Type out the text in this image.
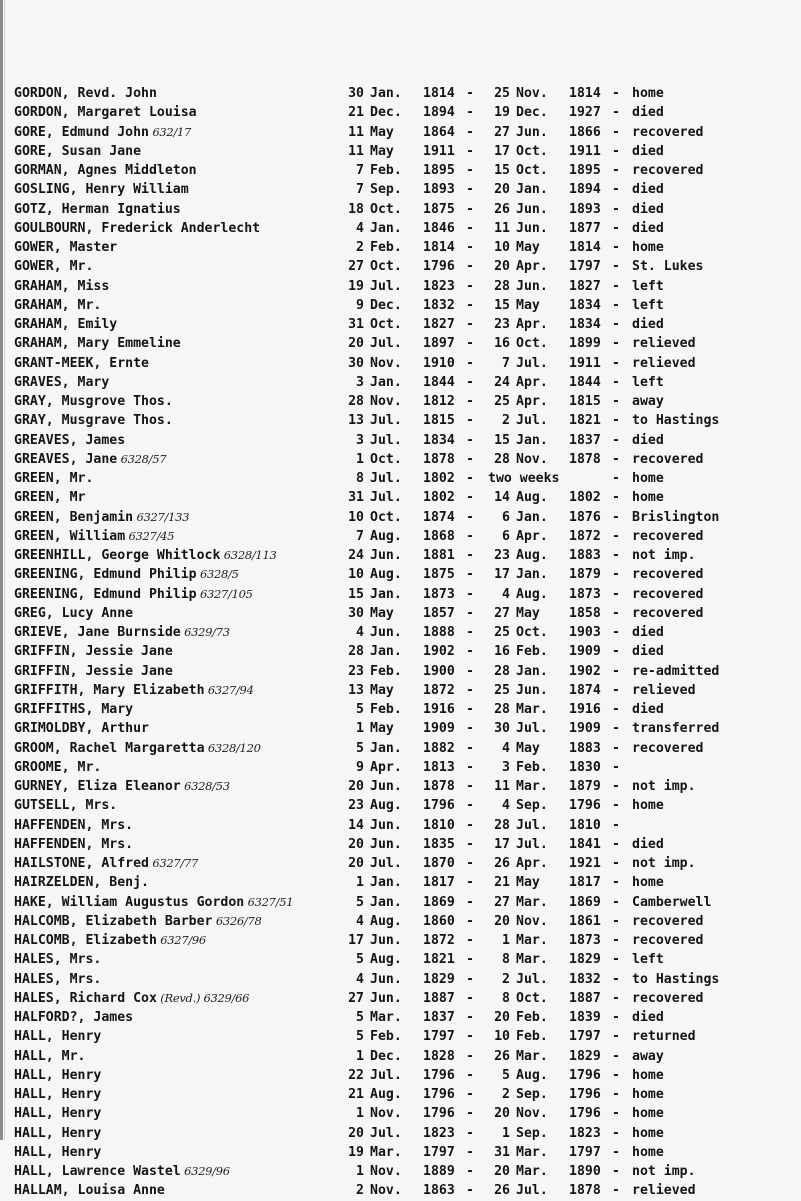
GORDON, Revd. John	30 Jan. 1814 -	25 Nov. 1814 - home
GORDON, Margaret Louisa	21 Dec. 1894 -	19 Dec. 1927 - died
GORE, Edmund John 632/17	11 May 1864 -	27 Jun. 1866 - recovered
GORE, Susan Jane	11 May 1911 -	17 Oct. 1911 - died
GORMAN, Agnes Middleton	7 Feb. 1895 -	15 Oct. 1895 - recovered
GOSLING, Henry William	7 Sep. 1893 -	20 Jan. 1894 - died
GOTZ, Herman Ignatius	18 Oct. 1875 -	26 Jun. 1893 - died
GOULBOURN, Frederick Anderlecht	4 Jan. 1846 -	11 Jun. 1877 - died
GOWER, Master	2 Feb. 1814 -	10 May 1814 - home
GOWER, Mr.	27 Oct. 1796 -	20 Apr. 1797 - St. Lukes
GRAHAM, Miss	19 Jul. 1823 -	28 Jun. 1827 - left
GRAHAM, Mr.	9 Dec. 1832 -	15 May 1834 - left
GRAHAM, Emily	31 Oct. 1827 -	23 Apr. 1834 - died
GRAHAM, Mary Emmeline	20 Jul. 1897 -	16 Oct. 1899 - relieved
GRANT-MEEK, Ernte	30 Nov. 1910 -	7 Jul. 1911 - relieved
GRAVES, Mary	3 Jan. 1844 -	24 Apr. 1844 - left
GRAY, Musgrove Thos.	28 Nov. 1812 -	25 Apr. 1815 - away
GRAY, Musgrave Thos.	13 Jul. 1815 -	2 Jul. 1821 - to Hastings
GREAVES, James	3 Jul. 1834 -	15 Jan. 1837 - died
GREAVES, Jane 6328/57	1 Oct. 1878 -	28 Nov. 1878 - recovered
GREEN, Mr.	8 Jul. 1802 - two weeks	- home
GREEN, Mr	31 Jul. 1802 -	14 Aug. 1802 - home
GREEN, Benjamin 6327/133	10 Oct. 1874 -	6 Jan. 1876 - Brislington
GREEN, William 6327/45	7 Aug. 1868 -	6 Apr. 1872 - recovered
GREENHILL, George Whitlock 6328/113	24 Jun. 1881 -	23 Aug. 1883 - not imp.
GREENING, Edmund Philip 6328/5	10 Aug. 1875 -	17 Jan. 1879 - recovered
GREENING, Edmund Philip 6327/105	15 Jan. 1873 -	4 Aug. 1873 - recovered
GREG, Lucy Anne	30 May 1857 -	27 May 1858 - recovered
GRIEVE, Jane Burnside 6329/73	4 Jun. 1888 -	25 Oct. 1903 - died
GRIFFIN, Jessie Jane	28 Jan. 1902 -	16 Feb. 1909 - died
GRIFFIN, Jessie Jane	23 Feb. 1900 -	28 Jan. 1902 - re-admitted
GRIFFITH, Mary Elizabeth 6327/94	13 May 1872 -	25 Jun. 1874 - relieved
GRIFFITHS, Mary	5 Feb. 1916 -	28 Mar. 1916 - died
GRIMOLDBY, Arthur	1 May 1909 -	30 Jul. 1909 - transferred
GROOM, Rachel Margaretta 6328/120	5 Jan. 1882 -	4 May 1883 - recovered
GROOME, Mr.	9 Apr. 1813 -	3 Feb. 1830 -
GURNEY, Eliza Eleanor 6328/53	20 Jun. 1878 -	11 Mar. 1879 - not imp.
GUTSELL, Mrs.	23 Aug. 1796 -	4 Sep. 1796 - home
HAFFENDEN, Mrs.	14 Jun. 1810 -	28 Jul. 1810 -
HAFFENDEN, Mrs.	20 Jun. 1835 -	17 Jul. 1841 - died
HAILSTONE, Alfred 6327/77	20 Jul. 1870 -	26 Apr. 1921 - not imp.
HAIRZELDEN, Benj.	1 Jan. 1817 -	21 May 1817 - home
HAKE, William Augustus Gordon 6327/51	5 Jan. 1869 -	27 Mar. 1869 - Camberwell
HALCOMB, Elizabeth Barber 6326/78	4 Aug. 1860 -	20 Nov. 1861 - recovered
HALCOMB, Elizabeth 6327/96	17 Jun. 1872 -	1 Mar. 1873 - recovered
HALES, Mrs.	5 Aug. 1821 -	8 Mar. 1829 - left
HALES, Mrs.	4 Jun. 1829 -	2 Jul. 1832 - to Hastings
HALES, Richard Cox (Revd.) 6329/66	27 Jun. 1887 -	8 Oct. 1887 - recovered
HALFORD?, James	5 Mar. 1837 -	20 Feb. 1839 - died
HALL, Henry	5 Feb. 1797 -	10 Feb. 1797 - returned
HALL, Mr.	1 Dec. 1828 -	26 Mar. 1829 - away
HALL, Henry	22 Jul. 1796 -	5 Aug. 1796 - home
HALL, Henry	21 Aug. 1796 -	2 Sep. 1796 - home
HALL, Henry	1 Nov. 1796 -	20 Nov. 1796 - home
HALL, Henry	20 Jul. 1823 -	1 Sep. 1823 - home
HALL, Henry	19 Mar. 1797 -	31 Mar. 1797 - home
HALL, Lawrence Wastel 6329/96	1 Nov. 1889 -	20 Mar. 1890 - not imp.
HALLAM, Louisa Anne	2 Nov. 1863 -	26 Jul. 1878 - relieved
